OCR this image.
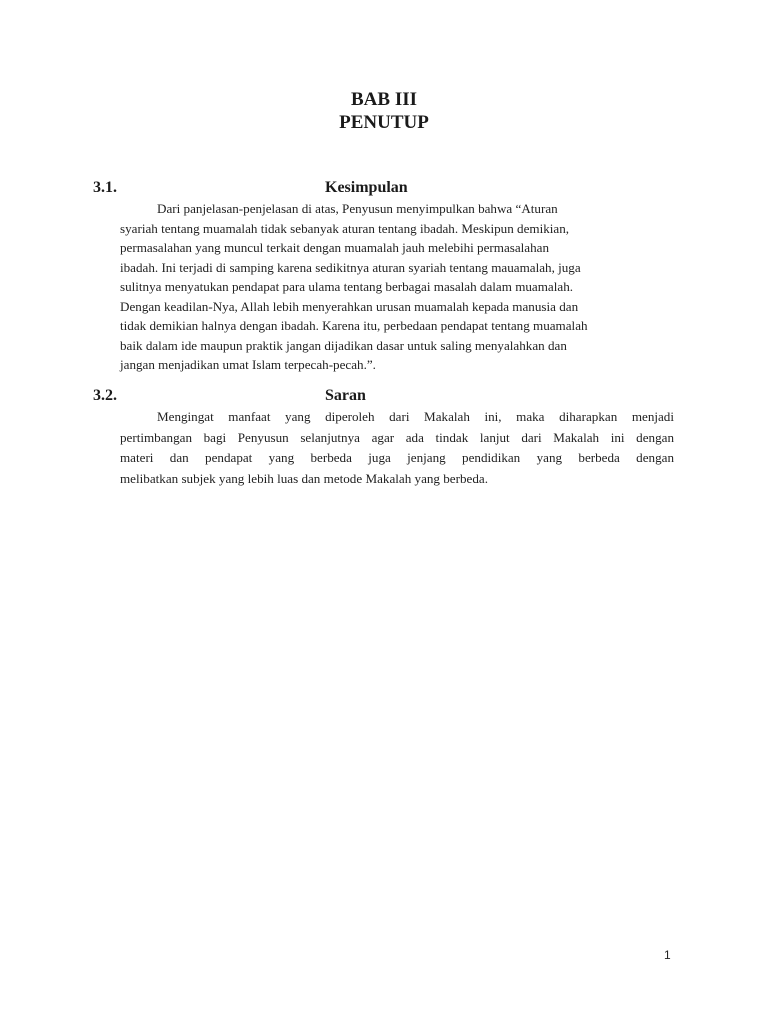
BAB III
PENUTUP
3.1.	Kesimpulan

Dari panjelasan-penjelasan di atas, Penyusun menyimpulkan bahwa “Aturan
syariah tentang muamalah tidak sebanyak aturan tentang ibadah. Meskipun demikian,
permasalahan yang muncul terkait dengan muamalah jauh melebihi permasalahan
ibadah. Ini terjadi di samping karena sedikitnya aturan syariah tentang mauamalah, juga
sulitnya menyatukan pendapat para ulama tentang berbagai masalah dalam muamalah.
Dengan keadilan-Nya, Allah lebih menyerahkan urusan muamalah kepada manusia dan
tidak demikian halnya dengan ibadah. Karena itu, perbedaan pendapat tentang muamalah
baik dalam ide maupun praktik jangan dijadikan dasar untuk saling menyalahkan dan
jangan menjadikan umat Islam terpecah-pecah.”.

3.2.	Saran

Mengingat manfaat yang diperoleh dari Makalah ini, maka diharapkan menjadi
pertimbangan bagi Penyusun selanjutnya agar ada tindak lanjut dari Makalah ini dengan
materi dan pendapat yang berbeda juga jenjang pendidikan yang berbeda dengan
melibatkan subjek yang lebih luas dan metode Makalah yang berbeda.

1
